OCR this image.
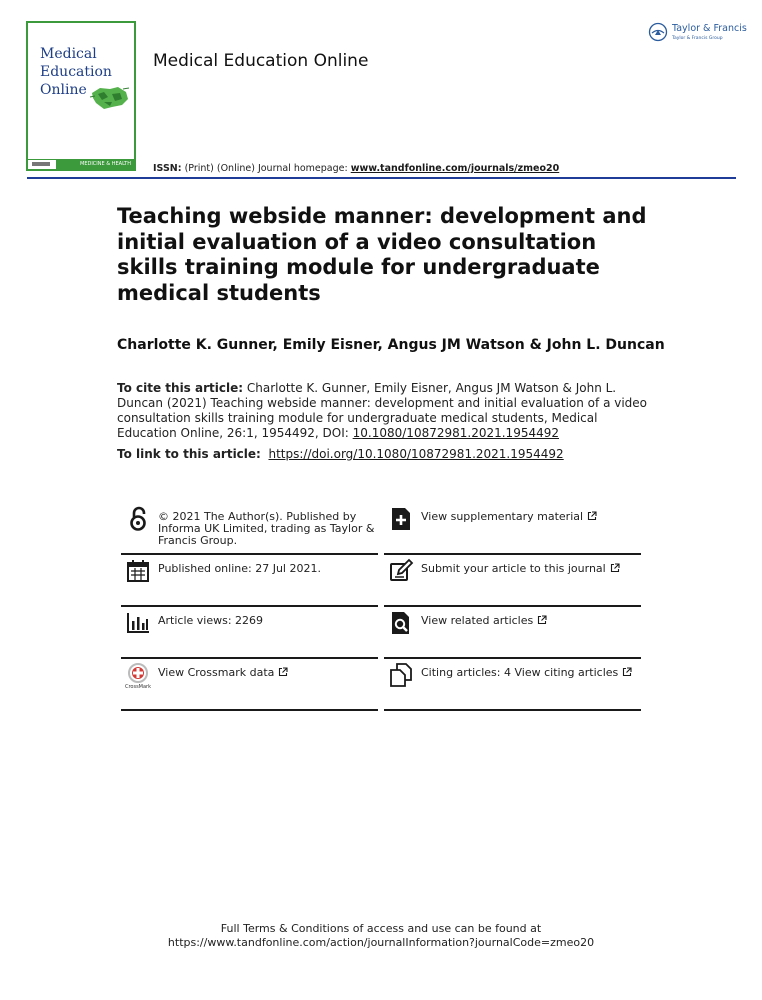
Medical
Education
Online
MEDICINE & HEALTH
Medical Education Online
Taylor & Francis
Taylor & Francis Group
ISSN: (Print) (Online) Journal homepage: www.tandfonline.com/journals/zmeo20
Teaching webside manner: development and initial evaluation of a video consultation skills training module for undergraduate medical students
Charlotte K. Gunner, Emily Eisner, Angus JM Watson & John L. Duncan
To cite this article: Charlotte K. Gunner, Emily Eisner, Angus JM Watson & John L. Duncan (2021) Teaching webside manner: development and initial evaluation of a video consultation skills training module for undergraduate medical students, Medical Education Online, 26:1, 1954492, DOI: 10.1080/10872981.2021.1954492
To link to this article: https://doi.org/10.1080/10872981.2021.1954492
© 2021 The Author(s). Published by Informa UK Limited, trading as Taylor & Francis Group.
Published online: 27 Jul 2021.
Article views: 2269
CrossMark
View Crossmark data
View supplementary material
Submit your article to this journal
View related articles
Citing articles: 4 View citing articles
Full Terms & Conditions of access and use can be found at
https://www.tandfonline.com/action/journalInformation?journalCode=zmeo20
